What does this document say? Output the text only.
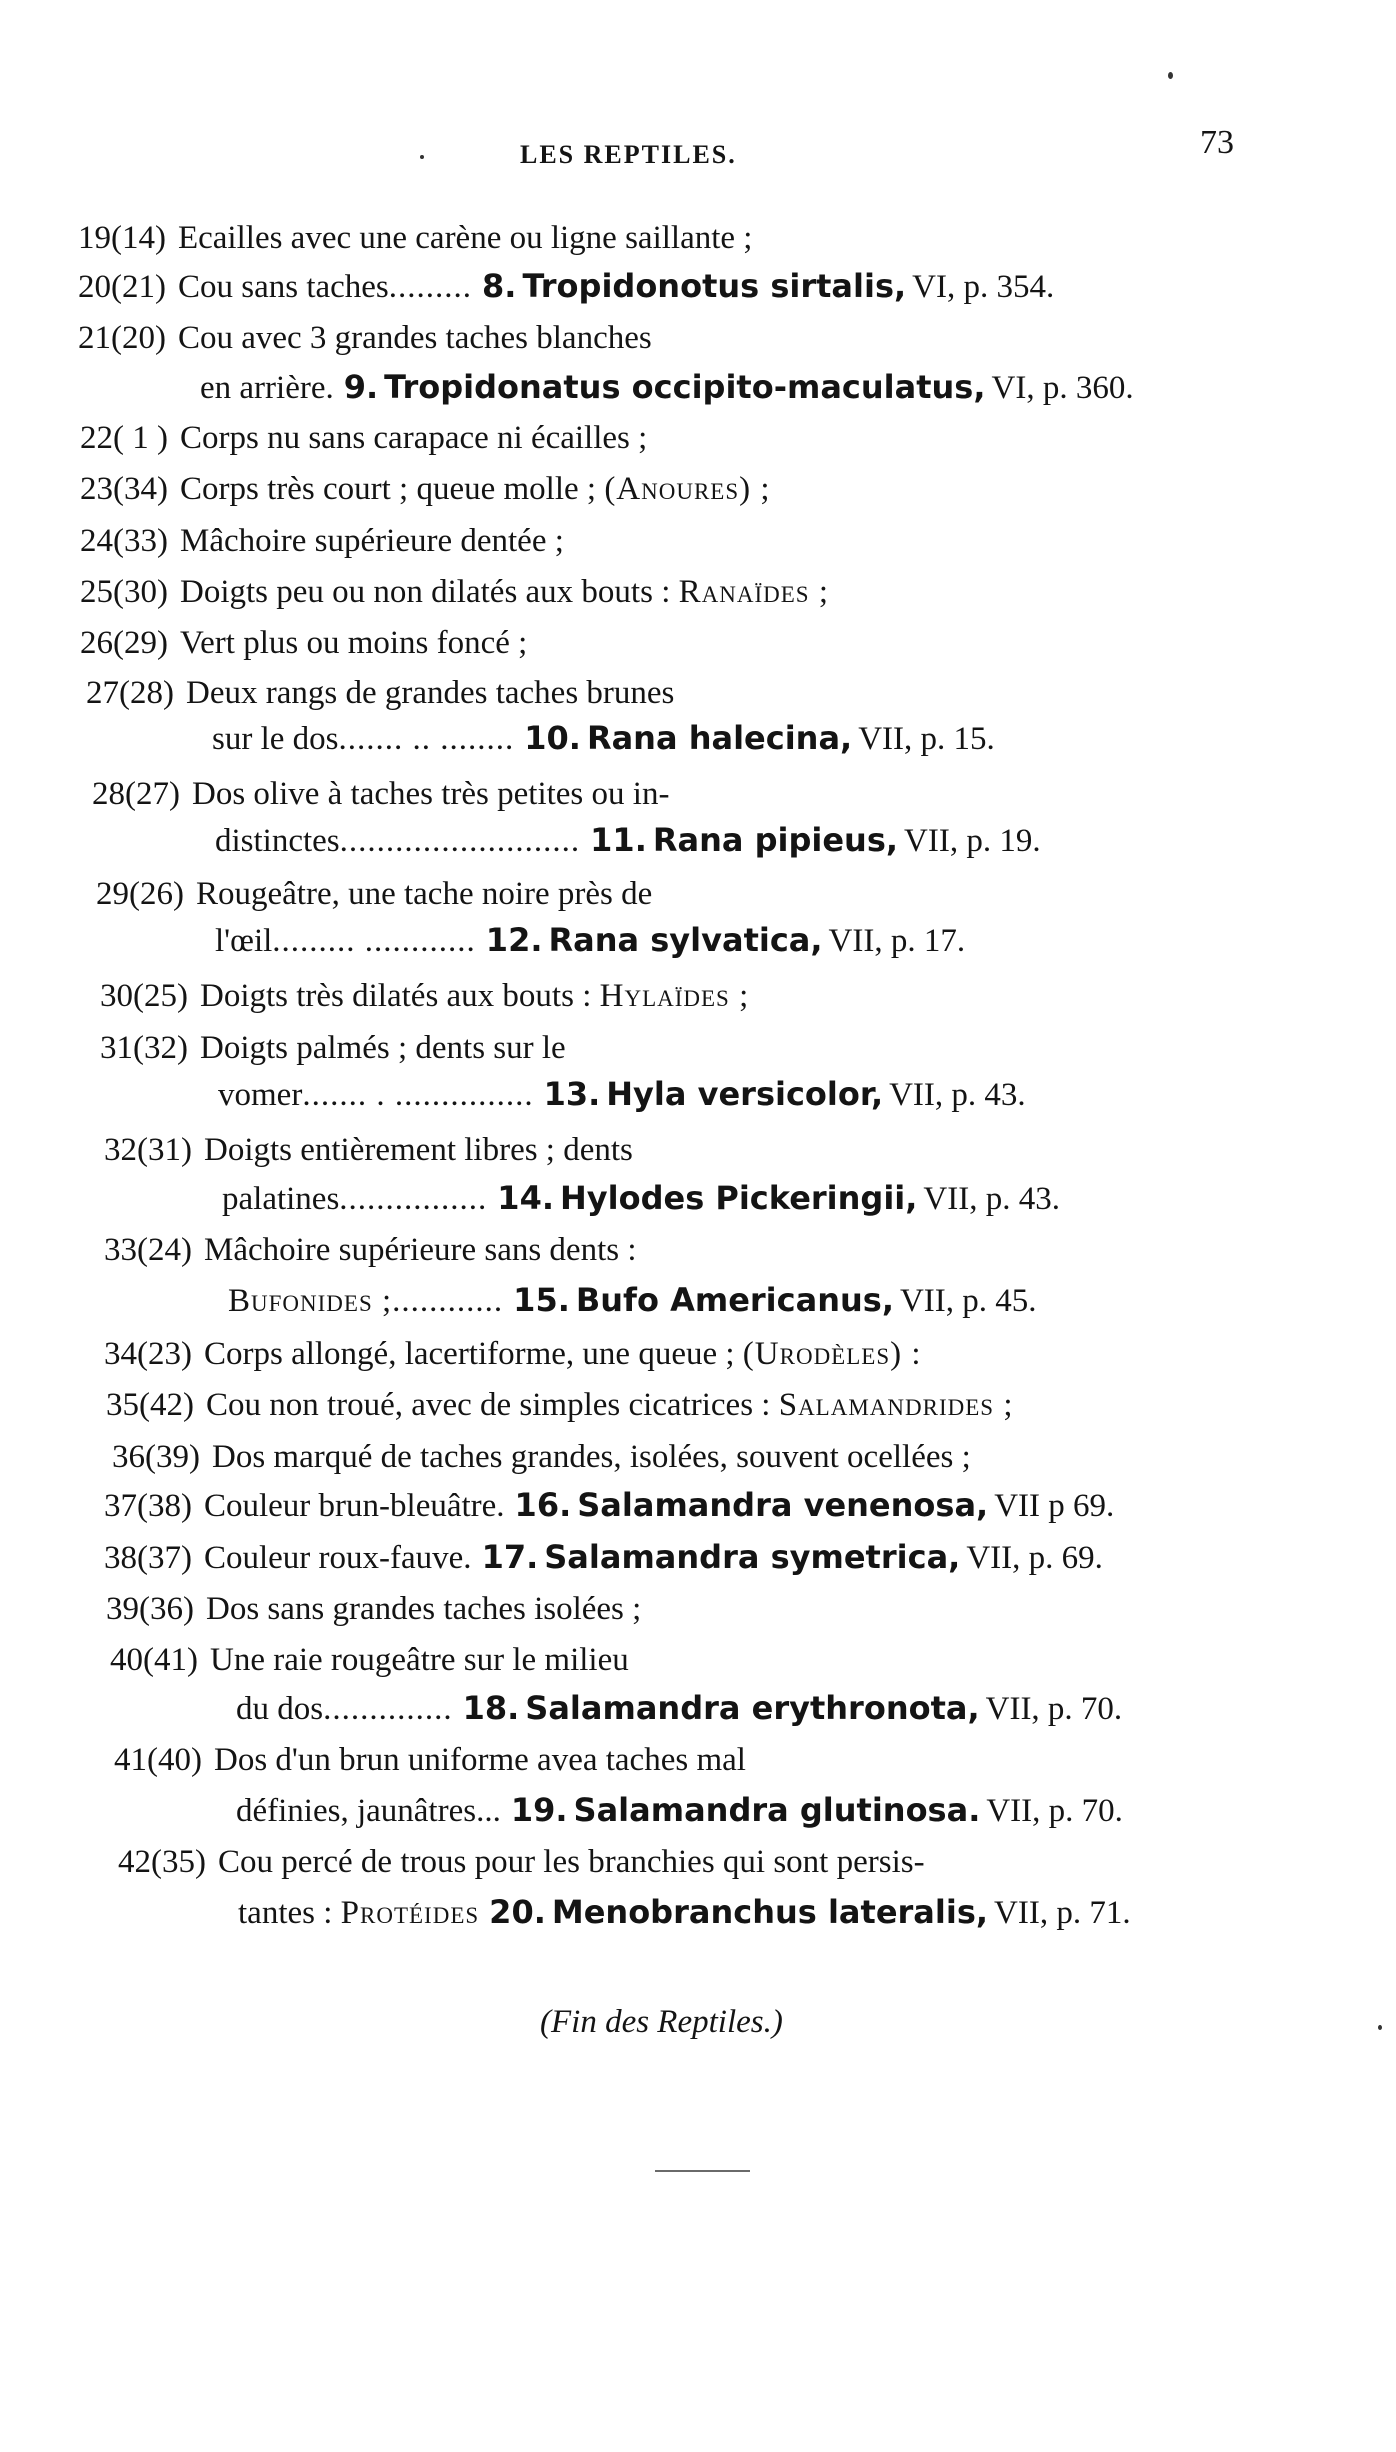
LES REPTILES.	73
19(14) Ecailles avec une carène ou ligne saillante ;
20(21) Cou sans taches......... 8. Tropidonotus sirtalis, VI, p. 354.
21(20) Cou avec 3 grandes taches blanches
en arrière. 9. Tropidonatus occipito-maculatus, VI, p. 360.
22( 1 ) Corps nu sans carapace ni écailles ;
23(34) Corps très court ; queue molle ; (Anoures) ;
24(33) Mâchoire supérieure dentée ;
25(30) Doigts peu ou non dilatés aux bouts : Ranaïdes ;
26(29) Vert plus ou moins foncé ;
27(28) Deux rangs de grandes taches brunes
sur le dos....... .. ........ 10. Rana halecina, VII, p. 15.
28(27) Dos olive à taches très petites ou in-
distinctes.......................... 11. Rana pipieus, VII, p. 19.
29(26) Rougeâtre, une tache noire près de
l'œil......... ............ 12. Rana sylvatica, VII, p. 17.
30(25) Doigts très dilatés aux bouts : Hylaïdes ;
31(32) Doigts palmés ; dents sur le
vomer....... . ............... 13. Hyla versicolor, VII, p. 43.
32(31) Doigts entièrement libres ; dents
palatines................ 14. Hylodes Pickeringii, VII, p. 43.
33(24) Mâchoire supérieure sans dents :
Bufonides ;............ 15. Bufo Americanus, VII, p. 45.
34(23) Corps allongé, lacertiforme, une queue ; (Urodèles) :
35(42) Cou non troué, avec de simples cicatrices : Salamandrides ;
36(39) Dos marqué de taches grandes, isolées, souvent ocellées ;
37(38) Couleur brun-bleuâtre. 16. Salamandra venenosa, VII p 69.
38(37) Couleur roux-fauve. 17. Salamandra symetrica, VII, p. 69.
39(36) Dos sans grandes taches isolées ;
40(41) Une raie rougeâtre sur le milieu
du dos.............. 18. Salamandra erythronota, VII, p. 70.
41(40) Dos d'un brun uniforme avea taches mal
définies, jaunâtres... 19. Salamandra glutinosa. VII, p. 70.
42(35) Cou percé de trous pour les branchies qui sont persis-
tantes : Protéides 20. Menobranchus lateralis, VII, p. 71.
(Fin des Reptiles.)
